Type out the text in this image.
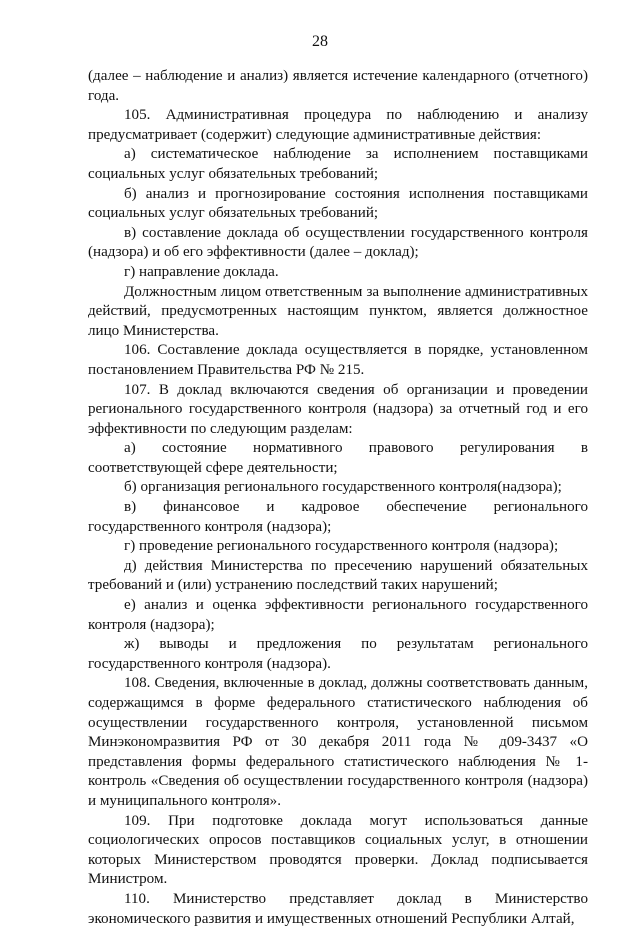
28

(далее – наблюдение и анализ) является истечение календарного (отчетного) года.

105. Административная процедура по наблюдению и анализу предусматривает (содержит) следующие административные действия:

а) систематическое наблюдение за исполнением поставщиками социальных услуг обязательных требований;

б) анализ и прогнозирование состояния исполнения поставщиками социальных услуг обязательных требований;

в) составление доклада об осуществлении государственного контроля (надзора) и об его эффективности (далее – доклад);

г) направление доклада.

Должностным лицом ответственным за выполнение административных действий, предусмотренных настоящим пунктом, является должностное лицо Министерства.

106. Составление доклада осуществляется в порядке, установленном постановлением Правительства РФ № 215.

107. В доклад включаются сведения об организации и проведении регионального государственного контроля (надзора) за отчетный год и его эффективности по следующим разделам:

а) состояние нормативного правового регулирования в соответствующей сфере деятельности;

б) организация регионального государственного контроля(надзора);

в) финансовое и кадровое обеспечение регионального государственного контроля (надзора);

г) проведение регионального государственного контроля (надзора);

д) действия Министерства по пресечению нарушений обязательных требований и (или) устранению последствий таких нарушений;

е) анализ и оценка эффективности регионального государственного контроля (надзора);

ж) выводы и предложения по результатам регионального государственного контроля (надзора).

108. Сведения, включенные в доклад, должны соответствовать данным, содержащимся в форме федерального статистического наблюдения об осуществлении государственного контроля, установленной письмом Минэкономразвития РФ от 30 декабря 2011 года № д09-3437 «О представления формы федерального статистического наблюдения № 1-контроль «Сведения об осуществлении государственного контроля (надзора) и муниципального контроля».

109. При подготовке доклада могут использоваться данные социологических опросов поставщиков социальных услуг, в отношении которых Министерством проводятся проверки. Доклад подписывается Министром.

110. Министерство представляет доклад в Министерство экономического развития и имущественных отношений Республики Алтай,
